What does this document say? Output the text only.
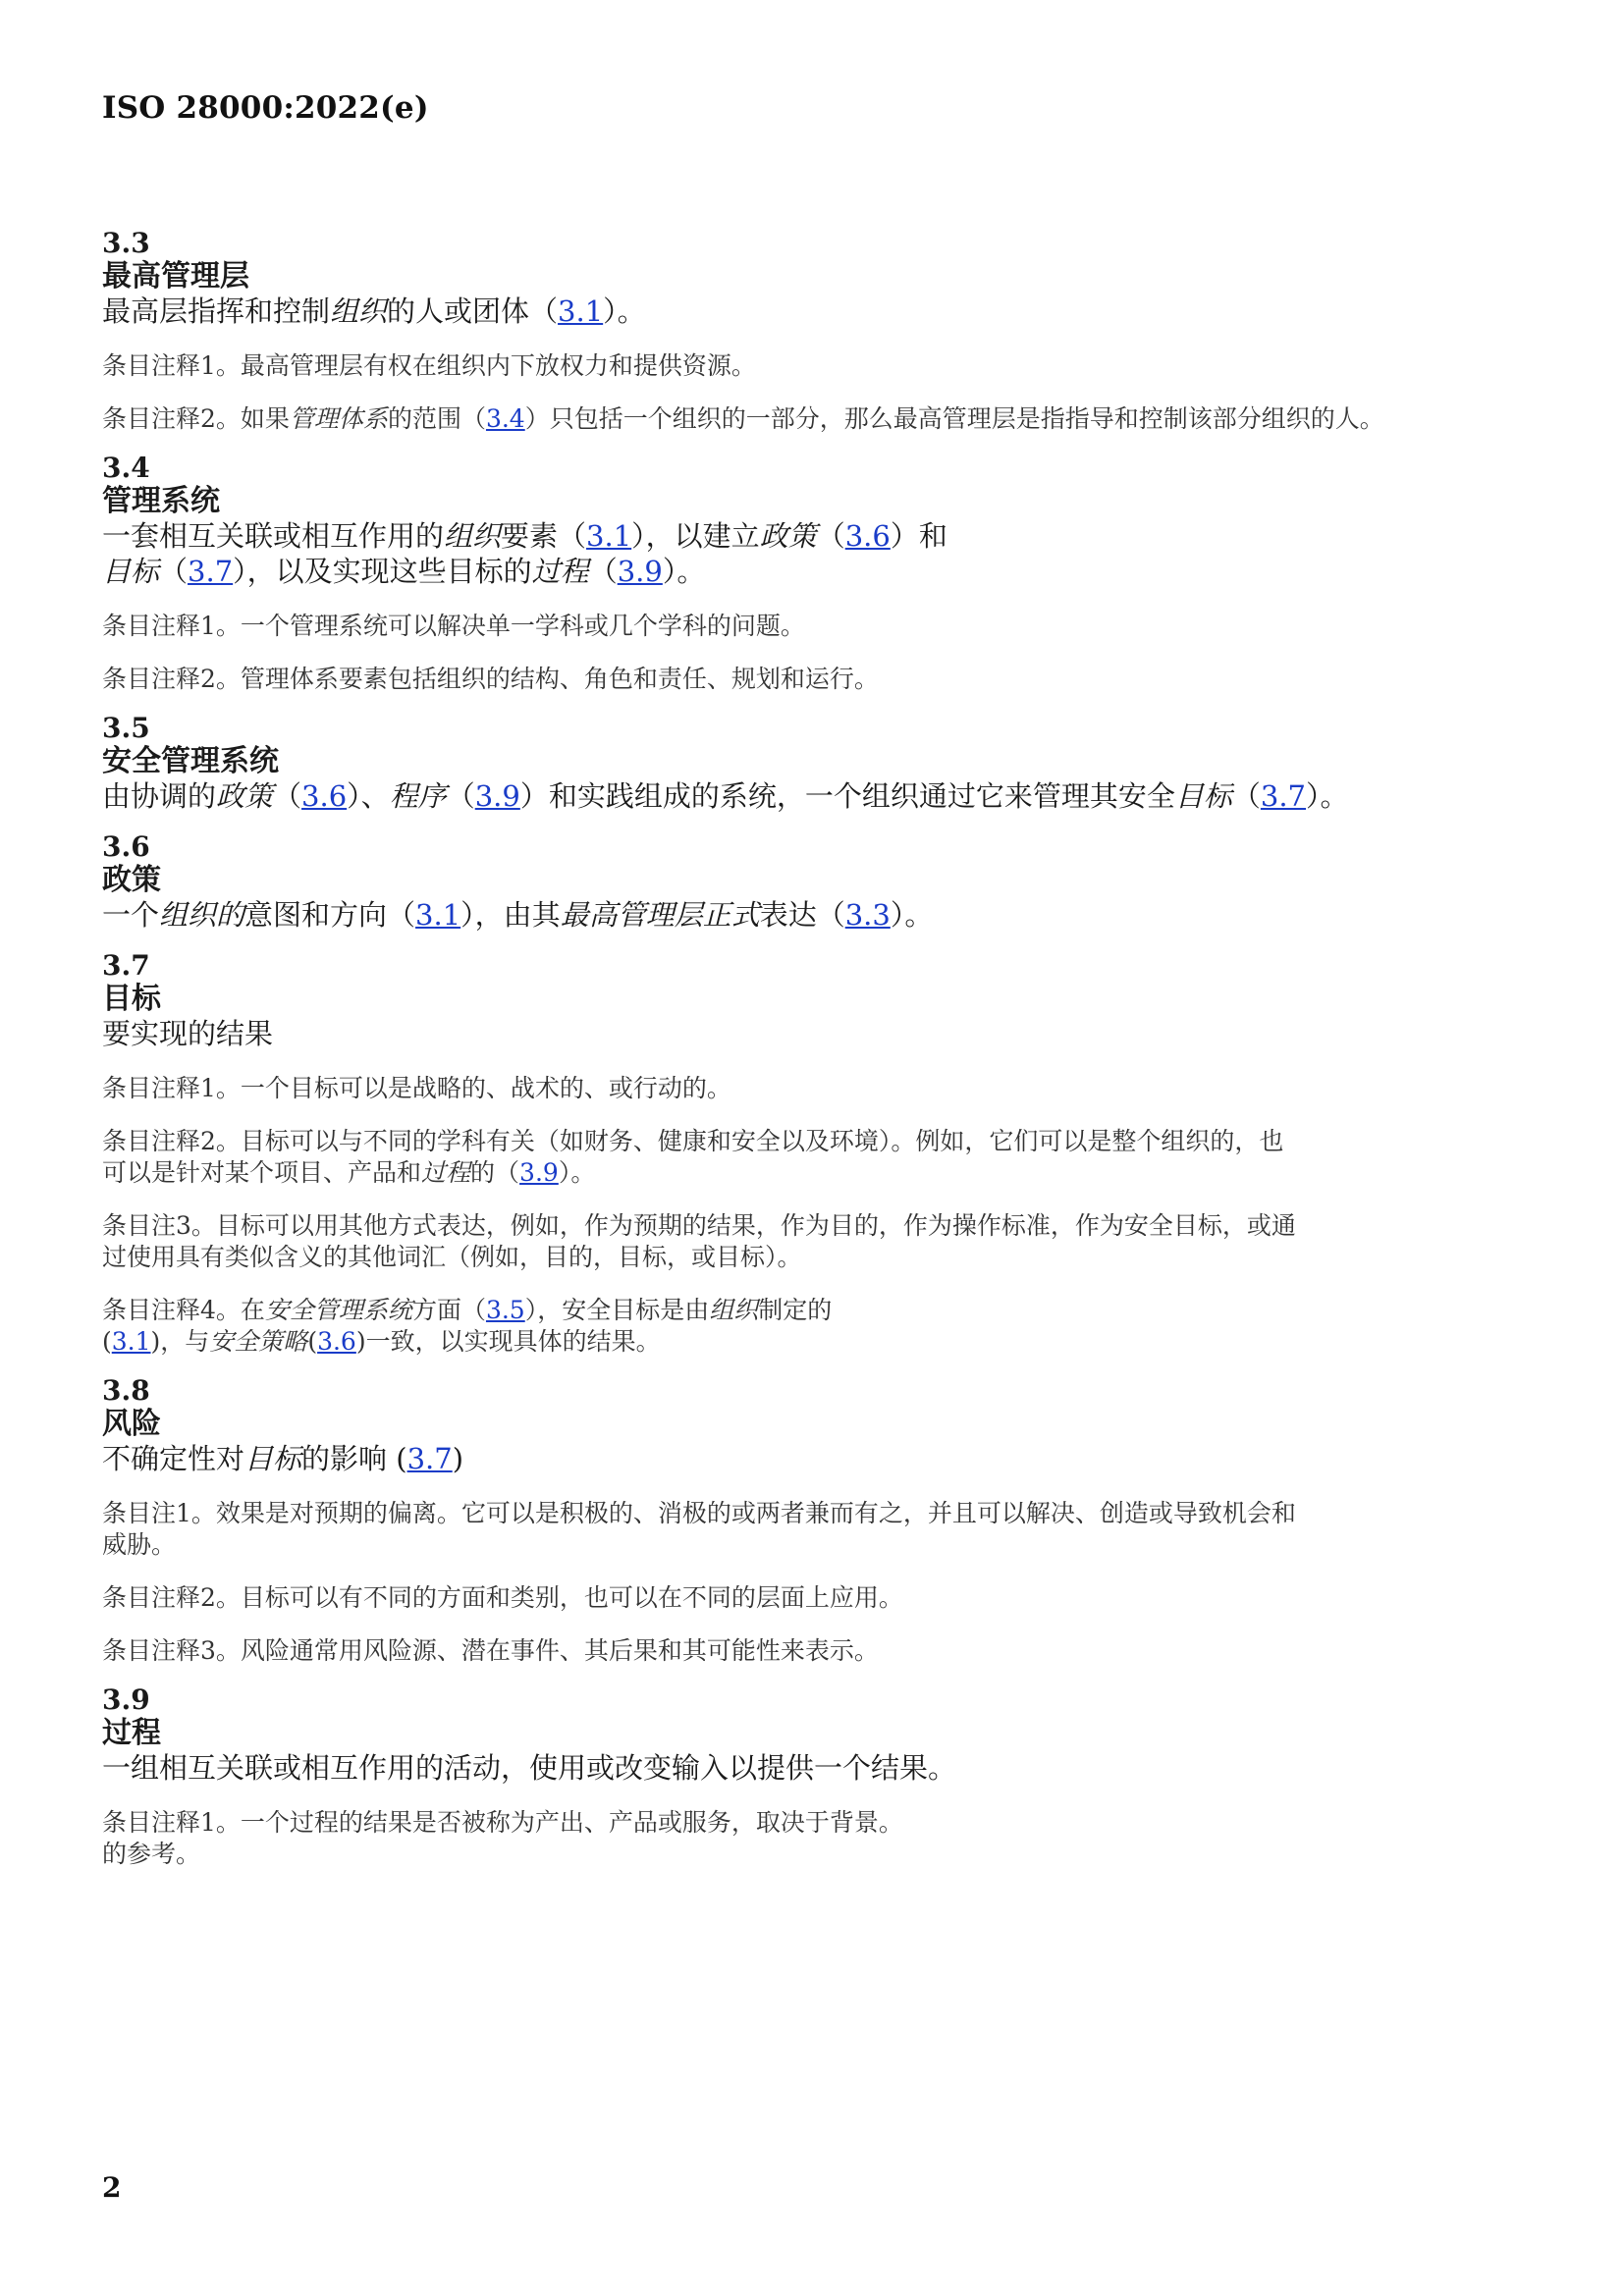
ISO 28000:2022(e)
3.3
最高管理层
最高层指挥和控制组织的人或团体（3.1）。
条目注释1。最高管理层有权在组织内下放权力和提供资源。
条目注释2。如果管理体系的范围（3.4）只包括一个组织的一部分，那么最高管理层是指指导和控制该部分组织的人。
3.4
管理系统
一套相互关联或相互作用的组织要素（3.1），以建立政策（3.6）和
目标（3.7），以及实现这些目标的过程（3.9）。
条目注释1。一个管理系统可以解决单一学科或几个学科的问题。
条目注释2。管理体系要素包括组织的结构、角色和责任、规划和运行。
3.5
安全管理系统
由协调的政策（3.6）、程序（3.9）和实践组成的系统，一个组织通过它来管理其安全目标（3.7）。
3.6
政策
一个组织的意图和方向（3.1），由其最高管理层正式表达（3.3）。
3.7
目标
要实现的结果
条目注释1。一个目标可以是战略的、战术的、或行动的。
条目注释2。目标可以与不同的学科有关（如财务、健康和安全以及环境）。例如，它们可以是整个组织的，也
可以是针对某个项目、产品和过程的（3.9）。
条目注3。目标可以用其他方式表达，例如，作为预期的结果，作为目的，作为操作标准，作为安全目标，或通
过使用具有类似含义的其他词汇（例如，目的，目标，或目标）。
条目注释4。在安全管理系统方面（3.5），安全目标是由组织制定的
(3.1)，与安全策略(3.6)一致，以实现具体的结果。
3.8
风险
不确定性对目标的影响 (3.7)
条目注1。效果是对预期的偏离。它可以是积极的、消极的或两者兼而有之，并且可以解决、创造或导致机会和
威胁。
条目注释2。目标可以有不同的方面和类别，也可以在不同的层面上应用。
条目注释3。风险通常用风险源、潜在事件、其后果和其可能性来表示。
3.9
过程
一组相互关联或相互作用的活动，使用或改变输入以提供一个结果。
条目注释1。一个过程的结果是否被称为产出、产品或服务，取决于背景。
的参考。
2
